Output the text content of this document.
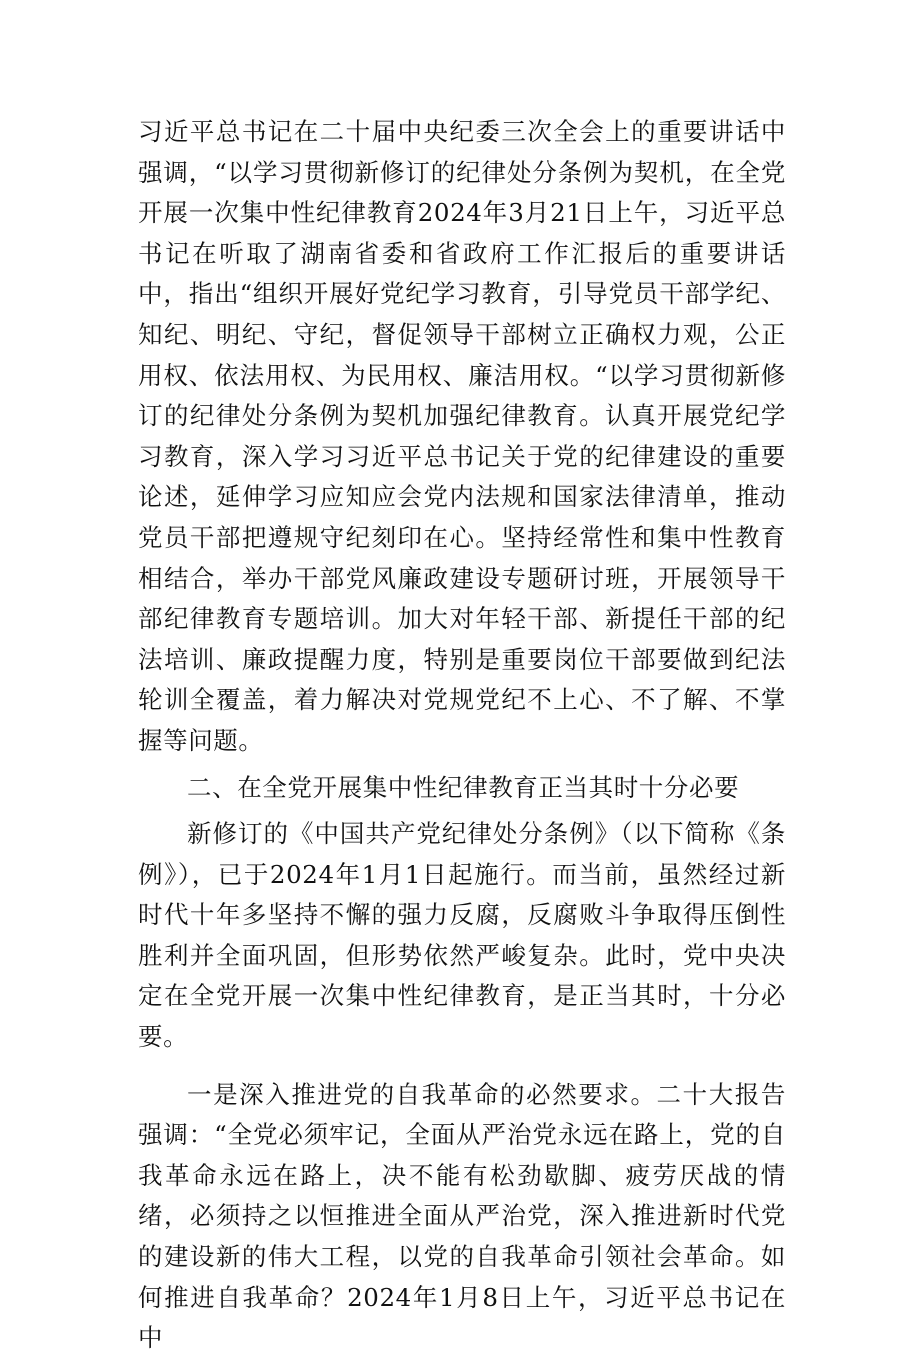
习近平总书记在二十届中央纪委三次全会上的重要讲话中强调，“以学习贯彻新修订的纪律处分条例为契机，在全党开展一次集中性纪律教育2024年3月21日上午，习近平总书记在听取了湖南省委和省政府工作汇报后的重要讲话中，指出“组织开展好党纪学习教育，引导党员干部学纪、知纪、明纪、守纪，督促领导干部树立正确权力观，公正用权、依法用权、为民用权、廉洁用权。“以学习贯彻新修订的纪律处分条例为契机加强纪律教育。认真开展党纪学习教育，深入学习习近平总书记关于党的纪律建设的重要论述，延伸学习应知应会党内法规和国家法律清单，推动党员干部把遵规守纪刻印在心。坚持经常性和集中性教育相结合，举办干部党风廉政建设专题研讨班，开展领导干部纪律教育专题培训。加大对年轻干部、新提任干部的纪法培训、廉政提醒力度，特别是重要岗位干部要做到纪法轮训全覆盖，着力解决对党规党纪不上心、不了解、不掌握等问题。

二、在全党开展集中性纪律教育正当其时十分必要

新修订的《中国共产党纪律处分条例》（以下简称《条例》），已于2024年1月1日起施行。而当前，虽然经过新时代十年多坚持不懈的强力反腐，反腐败斗争取得压倒性胜利并全面巩固，但形势依然严峻复杂。此时，党中央决定在全党开展一次集中性纪律教育，是正当其时，十分必要。

一是深入推进党的自我革命的必然要求。二十大报告强调：“全党必须牢记，全面从严治党永远在路上，党的自我革命永远在路上，决不能有松劲歇脚、疲劳厌战的情绪，必须持之以恒推进全面从严治党，深入推进新时代党的建设新的伟大工程，以党的自我革命引领社会革命。如何推进自我革命？2024年1月8日上午，习近平总书记在中
